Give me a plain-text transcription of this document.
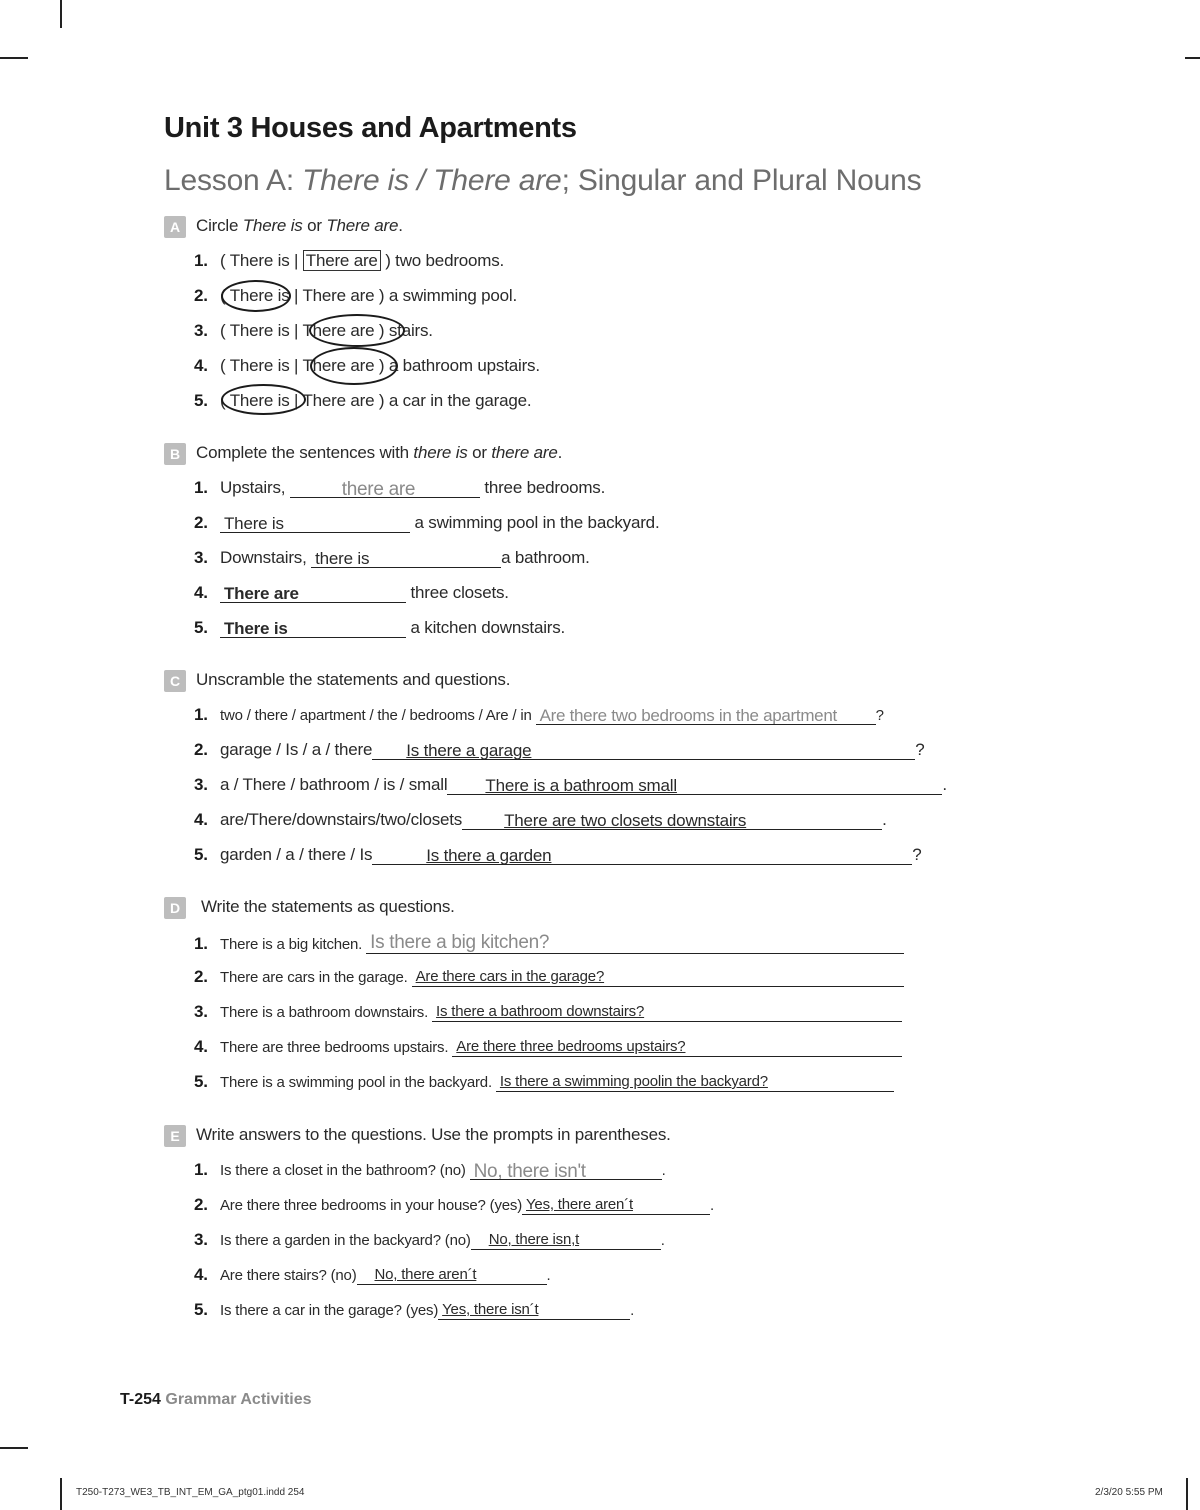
Unit 3 Houses and Apartments
Lesson A: There is / There are; Singular and Plural Nouns
A Circle There is or There are.
1. ( There is | There are ) two bedrooms.
2. ( There is | There are ) a swimming pool.
3. ( There is | There are ) stairs.
4. ( There is | There are ) a bathroom upstairs.
5. ( There is | There are ) a car in the garage.
B Complete the sentences with there is or there are.
1. Upstairs,	there are	three bedrooms.
2. There is	a swimming pool in the backyard.
3. Downstairs, there is	a bathroom.
4. There are	three closets.
5. There is	a kitchen downstairs.
C Unscramble the statements and questions.
1. two / there / apartment / the / bedrooms / Are / in Are there two bedrooms in the apartment	?
2. garage / Is / a / there Is there a garage	?
3. a / There / bathroom / is / small There is a bathroom small	.
4. are/There/downstairs/two/closets There are two closets downstairs	.
5. garden / a / there / Is	Is there a garden	?
D	Write the statements as questions.
1. There is a big kitchen. Is there a big kitchen?
2. There are cars in the garage. Are there cars in the garage?
3. There is a bathroom downstairs. Is there a bathroom downstairs?
4. There are three bedrooms upstairs. Are there three bedrooms upstairs?
5. There is a swimming pool in the backyard. Is there a swimming poolin the backyard?
E Write answers to the questions. Use the prompts in parentheses.
1. Is there a closet in the bathroom? (no) No, there isn't	.
2. Are there three bedrooms in your house? (yes) Yes, there aren´t	.
3. Is there a garden in the backyard? (no) No, there isn,t	.
4. Are there stairs? (no) No, there aren´t	.
5. Is there a car in the garage? (yes) Yes, there isn´t	.
T-254 Grammar Activities
T250-T273_WE3_TB_INT_EM_GA_ptg01.indd 254	2/3/20 5:55 PM
